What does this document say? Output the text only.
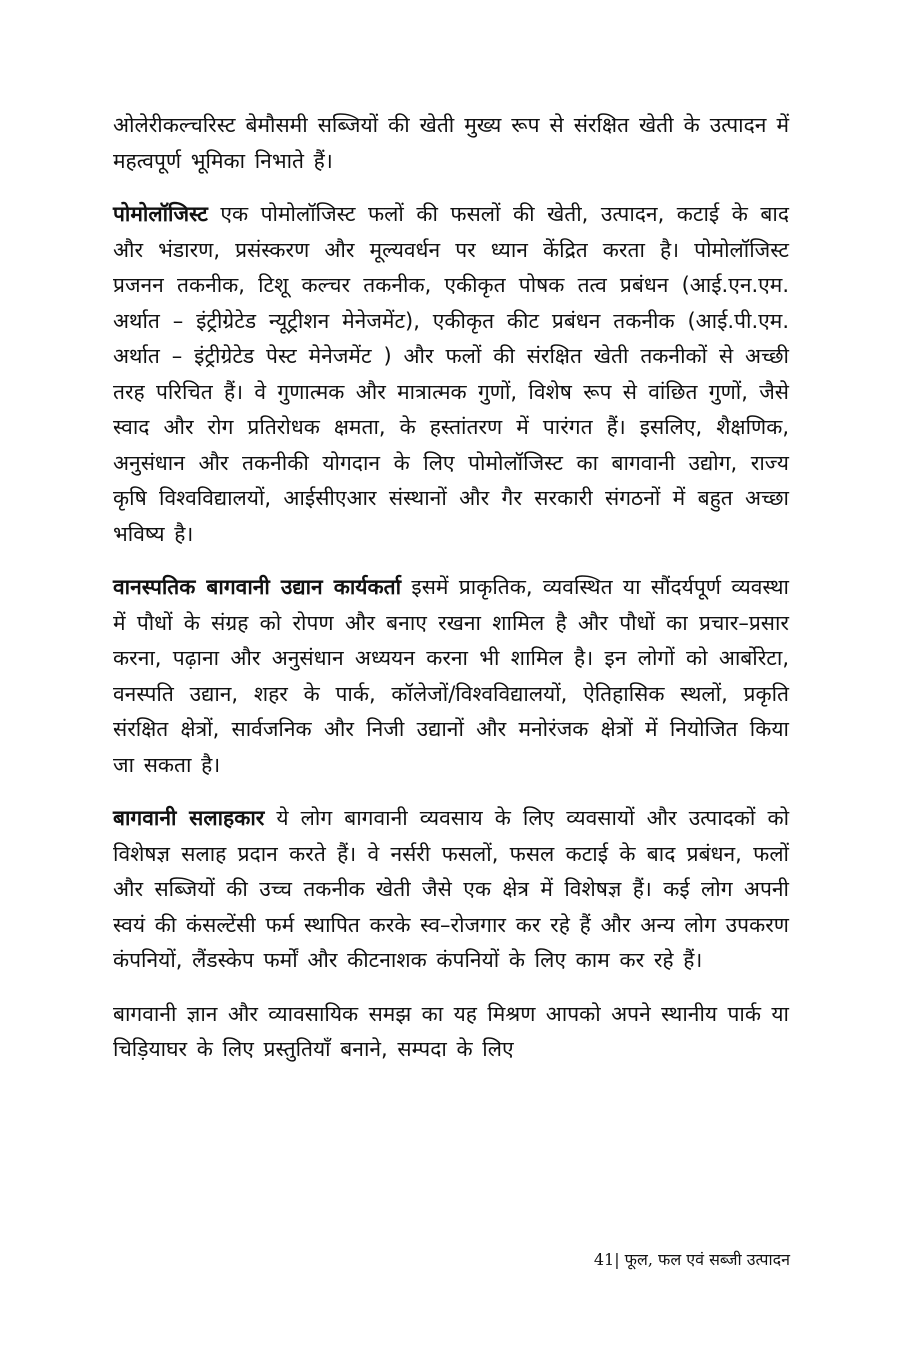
ओलेरीकल्चरिस्ट बेमौसमी सब्जियों की खेती मुख्य रूप से संरक्षित खेती के उत्पादन में महत्वपूर्ण भूमिका निभाते हैं।

पोमोलॉजिस्ट एक पोमोलॉजिस्ट फलों की फसलों की खेती, उत्पादन, कटाई के बाद और भंडारण, प्रसंस्करण और मूल्यवर्धन पर ध्यान केंद्रित करता है। पोमोलॉजिस्ट प्रजनन तकनीक, टिशू कल्चर तकनीक, एकीकृत पोषक तत्व प्रबंधन (आई.एन.एम. अर्थात – इंट्रीग्रेटेड न्यूट्रीशन मेनेजमेंट), एकीकृत कीट प्रबंधन तकनीक (आई.पी.एम. अर्थात – इंट्रीग्रेटेड पेस्ट मेनेजमेंट ) और फलों की संरक्षित खेती तकनीकों से अच्छी तरह परिचित हैं। वे गुणात्मक और मात्रात्मक गुणों, विशेष रूप से वांछित गुणों, जैसे स्वाद और रोग प्रतिरोधक क्षमता, के हस्तांतरण में पारंगत हैं। इसलिए, शैक्षणिक, अनुसंधान और तकनीकी योगदान के लिए पोमोलॉजिस्ट का बागवानी उद्योग, राज्य कृषि विश्वविद्यालयों, आईसीएआर संस्थानों और गैर सरकारी संगठनों में बहुत अच्छा भविष्य है।

वानस्पतिक बागवानी उद्यान कार्यकर्ता इसमें प्राकृतिक, व्यवस्थित या सौंदर्यपूर्ण व्यवस्था में पौधों के संग्रह को रोपण और बनाए रखना शामिल है और पौधों का प्रचार–प्रसार करना, पढ़ाना और अनुसंधान अध्ययन करना भी शामिल है। इन लोगों को आर्बोरेटा, वनस्पति उद्यान, शहर के पार्क, कॉलेजों/विश्वविद्यालयों, ऐतिहासिक स्थलों, प्रकृति संरक्षित क्षेत्रों, सार्वजनिक और निजी उद्यानों और मनोरंजक क्षेत्रों में नियोजित किया जा सकता है।

बागवानी सलाहकार ये लोग बागवानी व्यवसाय के लिए व्यवसायों और उत्पादकों को विशेषज्ञ सलाह प्रदान करते हैं। वे नर्सरी फसलों, फसल कटाई के बाद प्रबंधन, फलों और सब्जियों की उच्च तकनीक खेती जैसे एक क्षेत्र में विशेषज्ञ हैं। कई लोग अपनी स्वयं की कंसल्टेंसी फर्म स्थापित करके स्व–रोजगार कर रहे हैं और अन्य लोग उपकरण कंपनियों, लैंडस्केप फर्मों और कीटनाशक कंपनियों के लिए काम कर रहे हैं।

बागवानी ज्ञान और व्यावसायिक समझ का यह मिश्रण आपको अपने स्थानीय पार्क या चिड़ियाघर के लिए प्रस्तुतियाँ बनाने, सम्पदा के लिए

41| फूल, फल एवं सब्जी उत्पादन
